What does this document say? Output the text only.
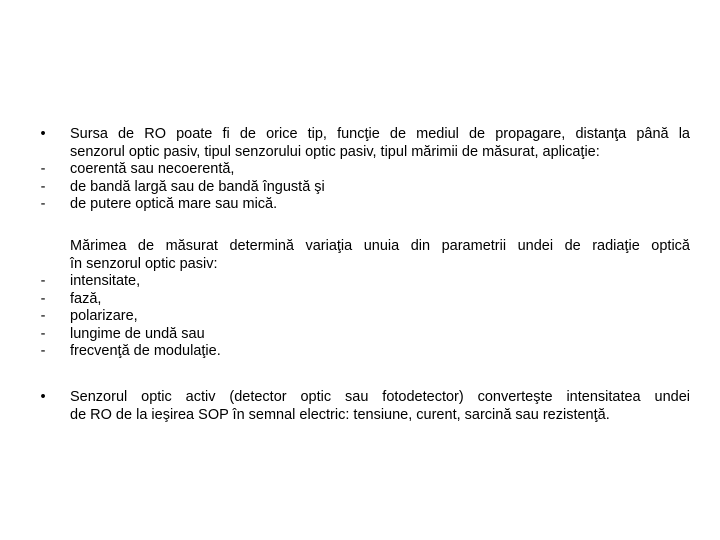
•	Sursa de RO poate fi de orice tip, funcţie de mediul de propagare, distanţa până la
senzorul optic pasiv, tipul senzorului optic pasiv, tipul mărimii de măsurat, aplicaţie:
-	coerentă sau necoerentă,
-	de bandă largă sau de bandă îngustă şi
-	de putere optică mare sau mică.
Mărimea de măsurat determină variaţia unuia din parametrii undei de radiaţie optică
în senzorul optic pasiv:
-	intensitate,
-	fază,
-	polarizare,
-	lungime de undă sau
-	frecvenţă de modulaţie.
•	Senzorul optic activ (detector optic sau fotodetector) converteşte intensitatea undei
de RO de la ieşirea SOP în semnal electric: tensiune, curent, sarcină sau rezistenţă.
